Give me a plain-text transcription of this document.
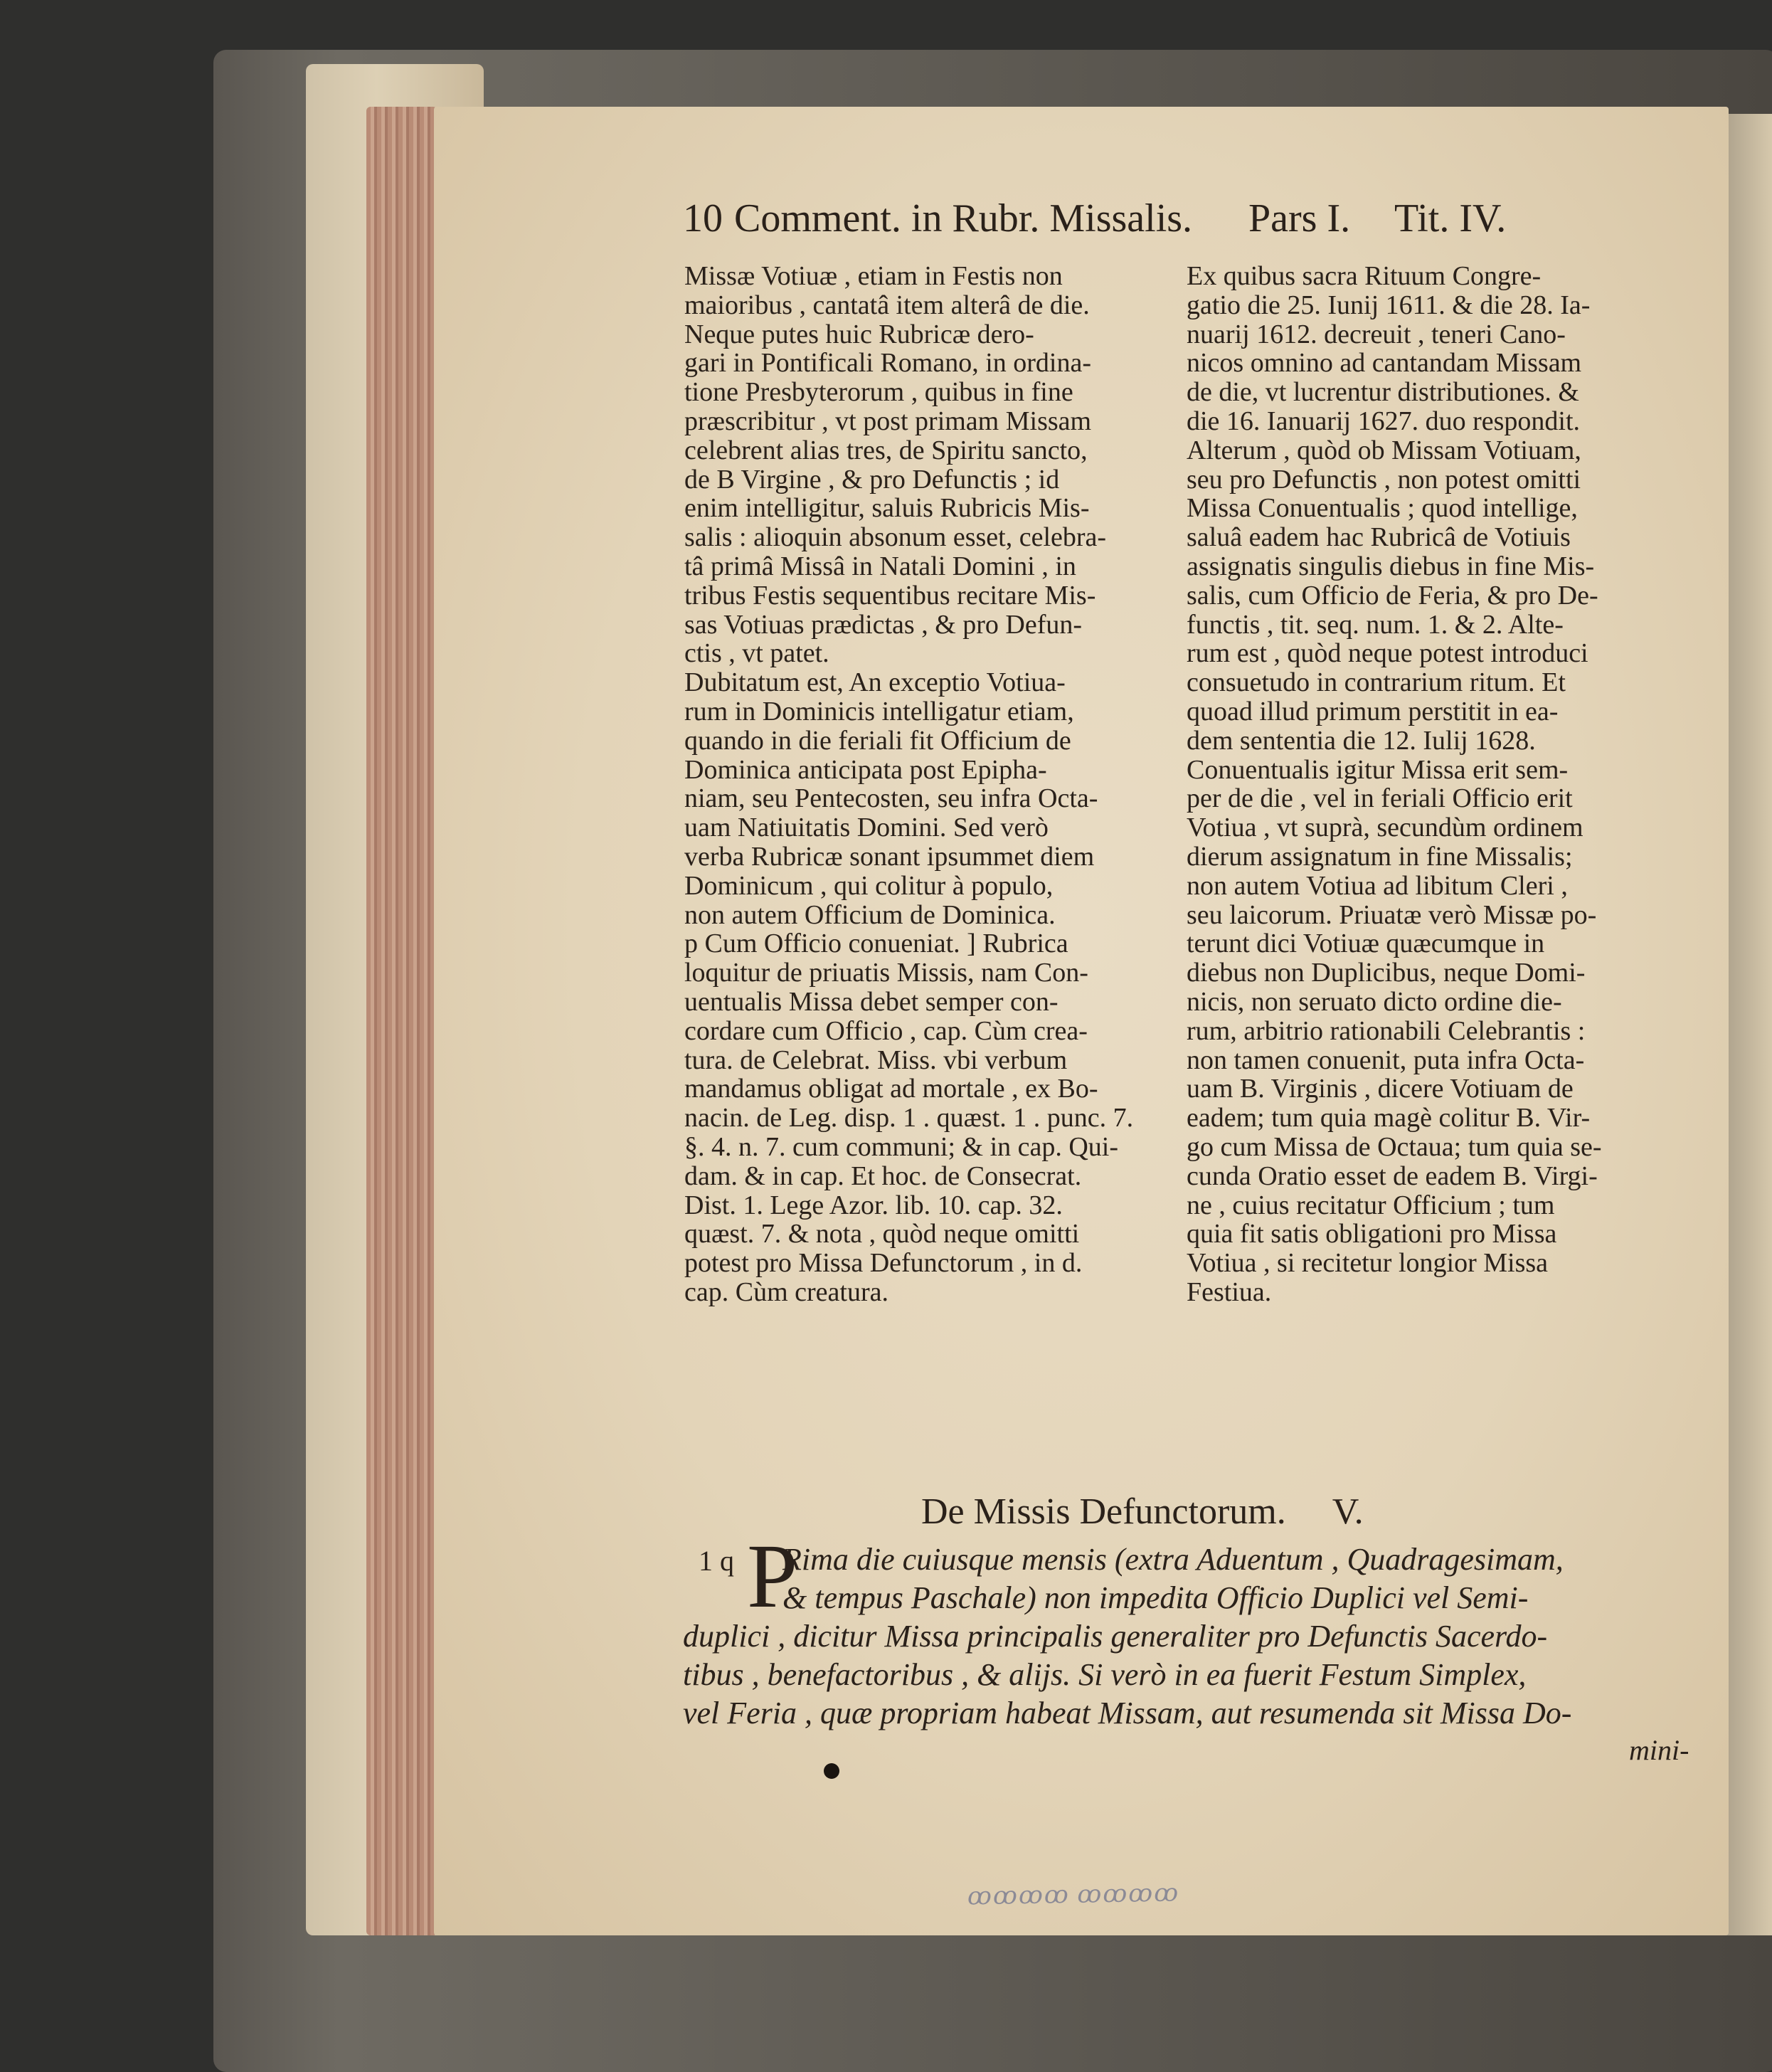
10 Comment. in Rubr. Missalis. Pars I. Tit. IV.
Missæ Votiuæ , etiam in Festis non
maioribus , cantatâ item alterâ de die.
Neque putes huic Rubricæ dero-
gari in Pontificali Romano, in ordina-
tione Presbyterorum , quibus in fine
præscribitur , vt post primam Missam
celebrent alias tres, de Spiritu sancto,
de B Virgine , & pro Defunctis ; id
enim intelligitur, saluis Rubricis Mis-
salis : alioquin absonum esset, celebra-
tâ primâ Missâ in Natali Domini , in
tribus Festis sequentibus recitare Mis-
sas Votiuas prædictas , & pro Defun-
ctis , vt patet.
Dubitatum est, An exceptio Votiua-
rum in Dominicis intelligatur etiam,
quando in die feriali fit Officium de
Dominica anticipata post Epipha-
niam, seu Pentecosten, seu infra Octa-
uam Natiuitatis Domini. Sed verò
verba Rubricæ sonant ipsummet diem
Dominicum , qui colitur à populo,
non autem Officium de Dominica.
p Cum Officio conueniat. ] Rubrica
loquitur de priuatis Missis, nam Con-
uentualis Missa debet semper con-
cordare cum Officio , cap. Cùm crea-
tura. de Celebrat. Miss. vbi verbum
mandamus obligat ad mortale , ex Bo-
nacin. de Leg. disp. 1 . quæst. 1 . punc. 7.
§. 4. n. 7. cum communi; & in cap. Qui-
dam. & in cap. Et hoc. de Consecrat.
Dist. 1. Lege Azor. lib. 10. cap. 32.
quæst. 7. & nota , quòd neque omitti
potest pro Missa Defunctorum , in d.
cap. Cùm creatura.
Ex quibus sacra Rituum Congre-
gatio die 25. Iunij 1611. & die 28. Ia-
nuarij 1612. decreuit , teneri Cano-
nicos omnino ad cantandam Missam
de die, vt lucrentur distributiones. &
die 16. Ianuarij 1627. duo respondit.
Alterum , quòd ob Missam Votiuam,
seu pro Defunctis , non potest omitti
Missa Conuentualis ; quod intellige,
saluâ eadem hac Rubricâ de Votiuis
assignatis singulis diebus in fine Mis-
salis, cum Officio de Feria, & pro De-
functis , tit. seq. num. 1. & 2. Alte-
rum est , quòd neque potest introduci
consuetudo in contrarium ritum. Et
quoad illud primum perstitit in ea-
dem sententia die 12. Iulij 1628.
Conuentualis igitur Missa erit sem-
per de die , vel in feriali Officio erit
Votiua , vt suprà, secundùm ordinem
dierum assignatum in fine Missalis;
non autem Votiua ad libitum Cleri ,
seu laicorum. Priuatæ verò Missæ po-
terunt dici Votiuæ quæcumque in
diebus non Duplicibus, neque Domi-
nicis, non seruato dicto ordine die-
rum, arbitrio rationabili Celebrantis :
non tamen conuenit, puta infra Octa-
uam B. Virginis , dicere Votiuam de
eadem; tum quia magè colitur B. Vir-
go cum Missa de Octaua; tum quia se-
cunda Oratio esset de eadem B. Virgi-
ne , cuius recitatur Officium ; tum
quia fit satis obligationi pro Missa
Votiua , si recitetur longior Missa
Festiua.
De Missis Defunctorum. V.
1 q P
Rima die cuiusque mensis (extra Aduentum , Quadragesimam,
& tempus Paschale) non impedita Officio Duplici vel Semi-
duplici , dicitur Missa principalis generaliter pro Defunctis Sacerdo-
tibus , benefactoribus , & alijs. Si verò in ea fuerit Festum Simplex,
vel Feria , quæ propriam habeat Missam, aut resumenda sit Missa Do-
mini-
ꝏꝏꝏꝏ ꝏꝏꝏꝏ
